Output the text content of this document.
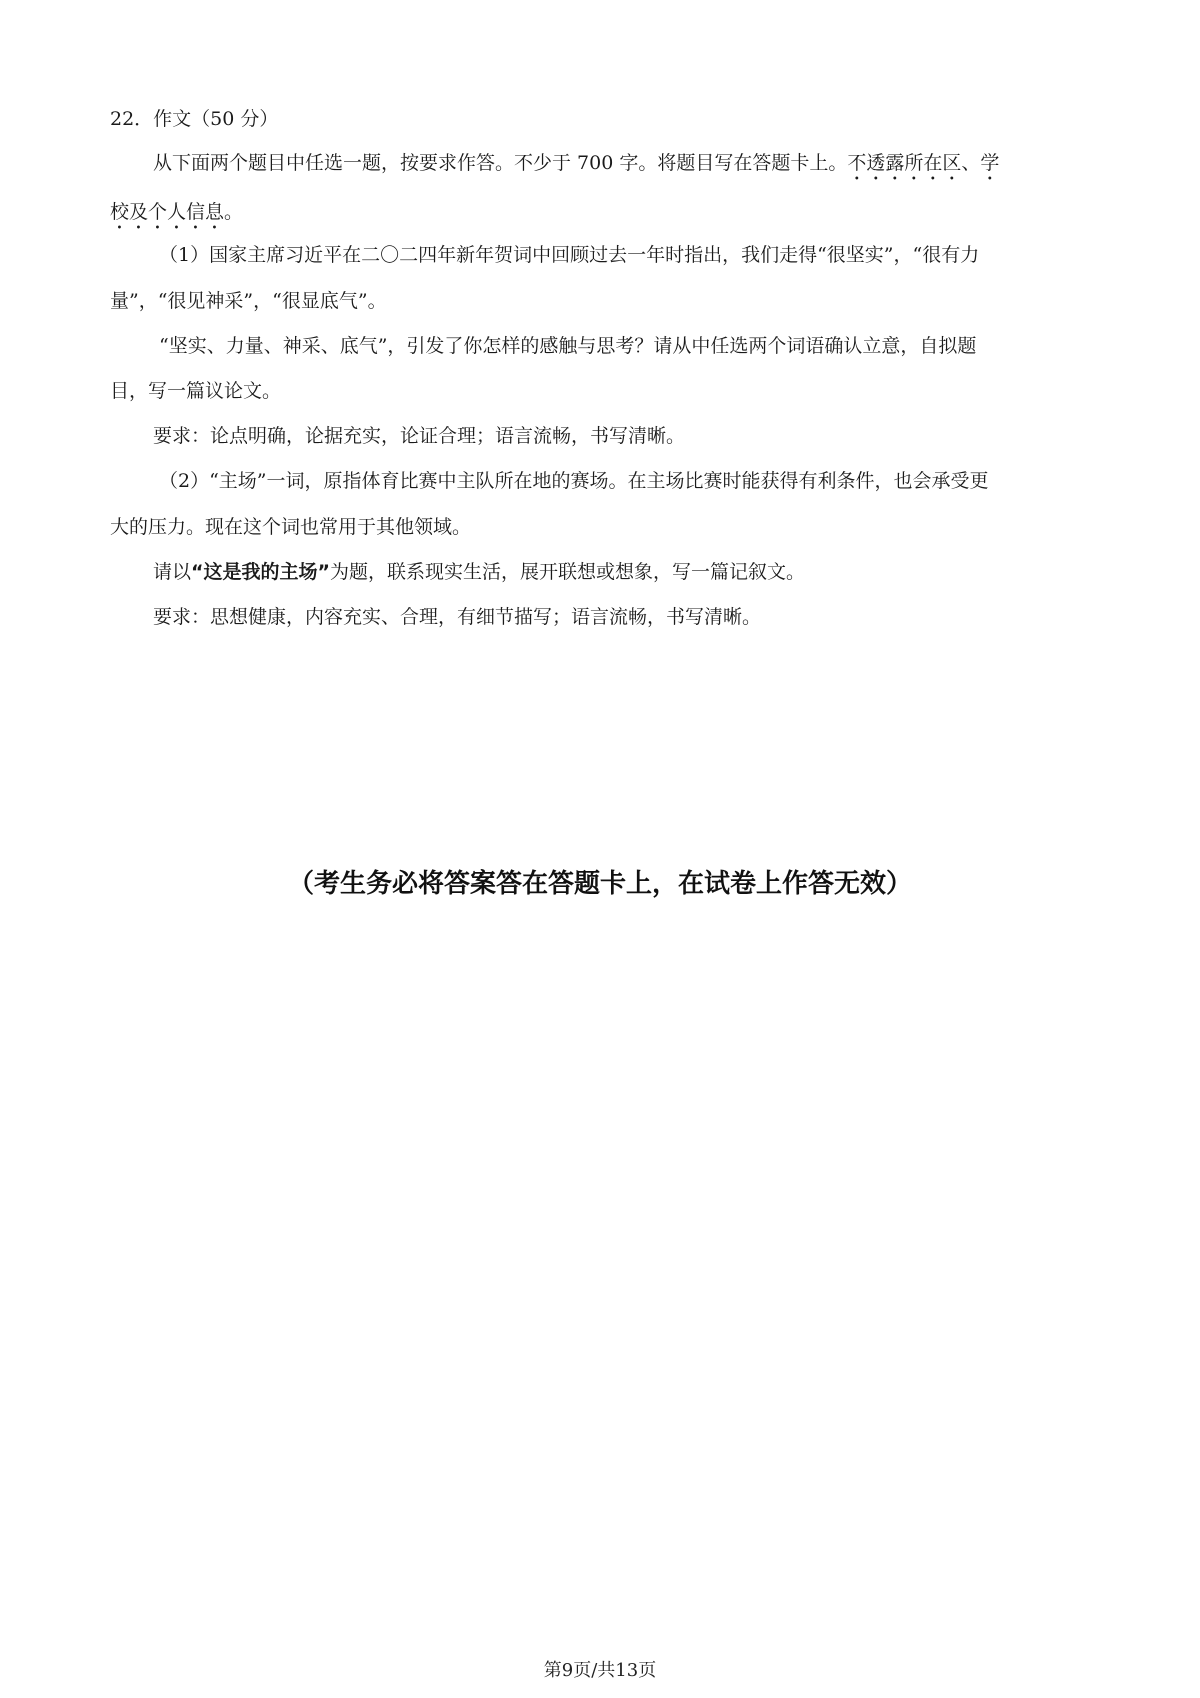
22．作文（50 分）
从下面两个题目中任选一题，按要求作答。不少于 700 字。将题目写在答题卡上。不透露所在区、学
校及个人信息。
（1）国家主席习近平在二〇二四年新年贺词中回顾过去一年时指出，我们走得“很坚实”，“很有力
量”，“很见神采”，“很显底气”。
“坚实、力量、神采、底气”，引发了你怎样的感触与思考？请从中任选两个词语确认立意，自拟题
目，写一篇议论文。
要求：论点明确，论据充实，论证合理；语言流畅，书写清晰。
（2）“主场”一词，原指体育比赛中主队所在地的赛场。在主场比赛时能获得有利条件，也会承受更
大的压力。现在这个词也常用于其他领域。
请以“这是我的主场”为题，联系现实生活，展开联想或想象，写一篇记叙文。
要求：思想健康，内容充实、合理，有细节描写；语言流畅，书写清晰。
（考生务必将答案答在答题卡上，在试卷上作答无效）
第9页/共13页
